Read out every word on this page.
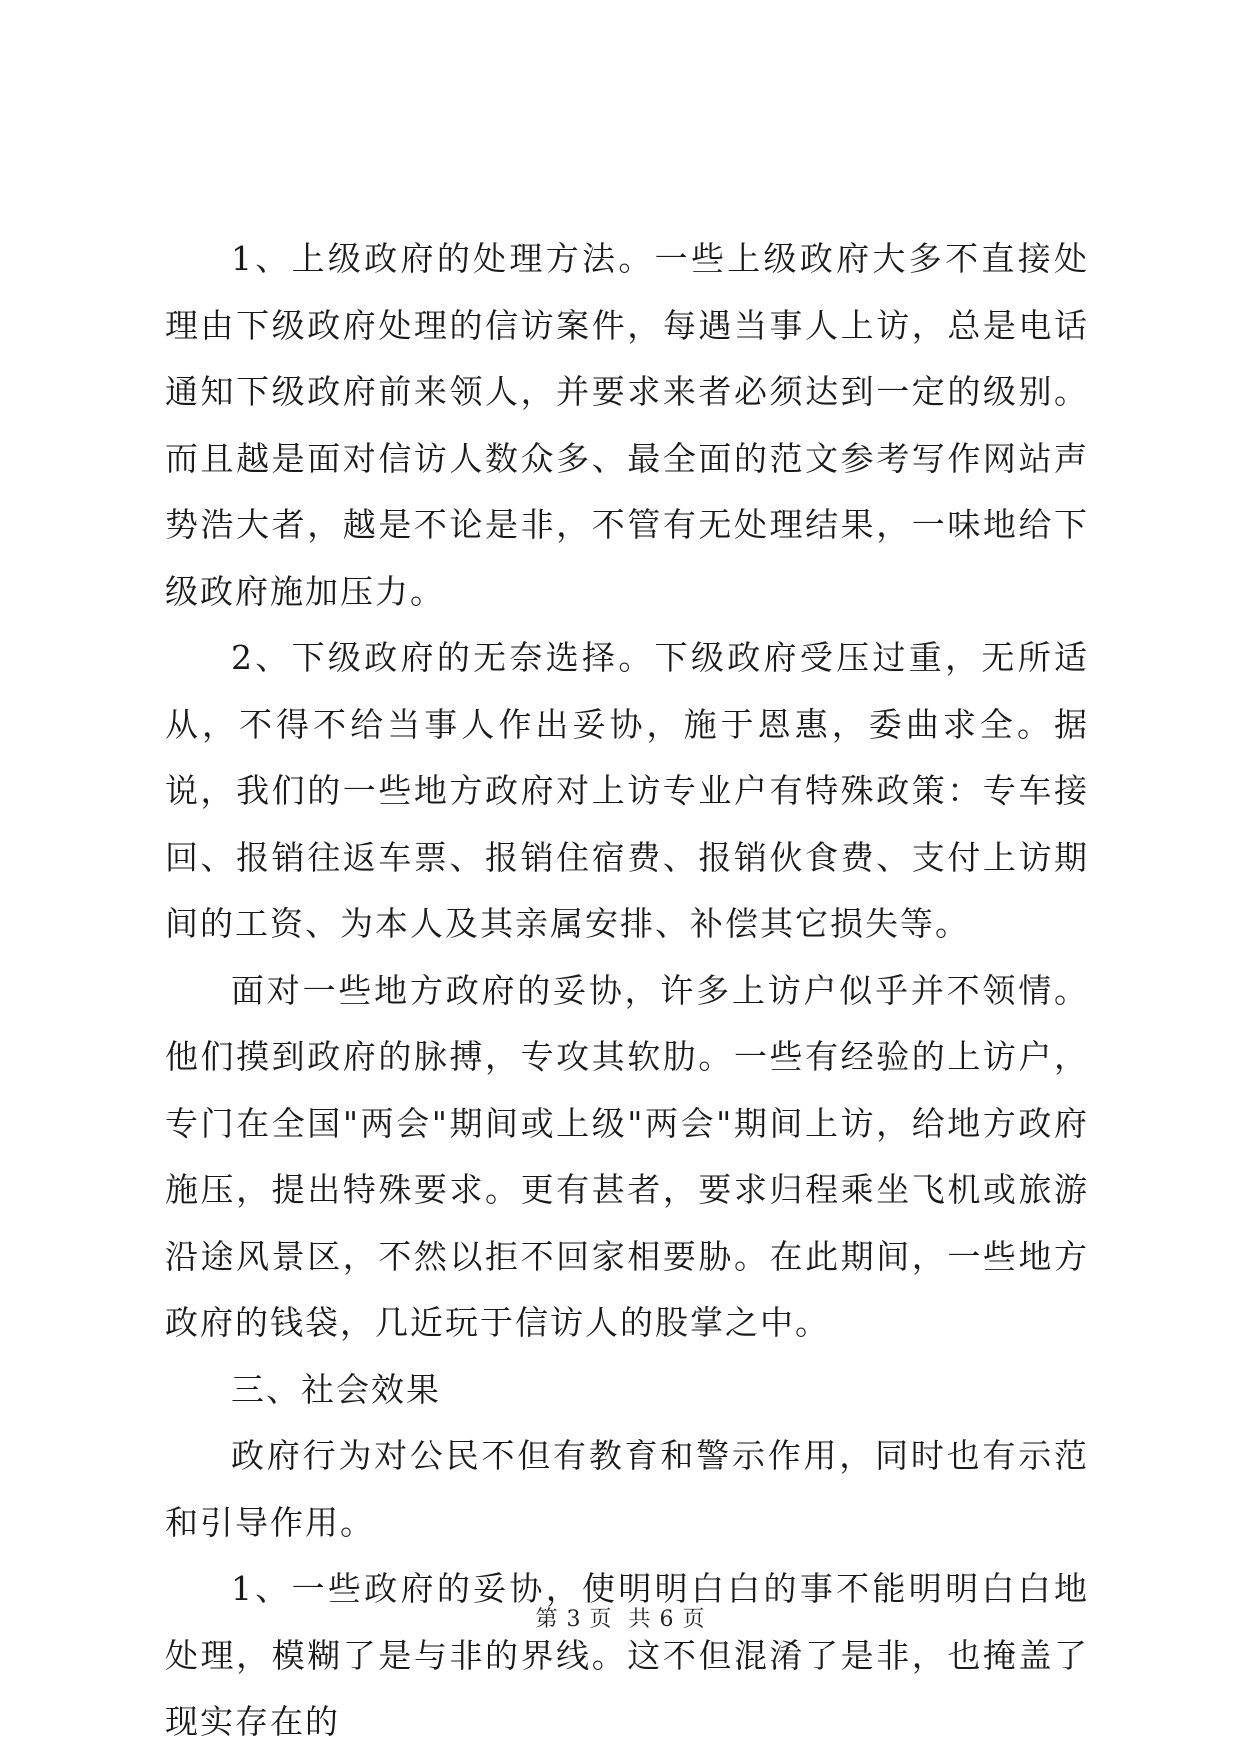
1、上级政府的处理方法。一些上级政府大多不直接处理由下级政府处理的信访案件，每遇当事人上访，总是电话通知下级政府前来领人，并要求来者必须达到一定的级别。而且越是面对信访人数众多、最全面的范文参考写作网站声势浩大者，越是不论是非，不管有无处理结果，一味地给下级政府施加压力。

2、下级政府的无奈选择。下级政府受压过重，无所适从，不得不给当事人作出妥协，施于恩惠，委曲求全。据说，我们的一些地方政府对上访专业户有特殊政策：专车接回、报销往返车票、报销住宿费、报销伙食费、支付上访期间的工资、为本人及其亲属安排、补偿其它损失等。

面对一些地方政府的妥协，许多上访户似乎并不领情。他们摸到政府的脉搏，专攻其软肋。一些有经验的上访户，专门在全国"两会"期间或上级"两会"期间上访，给地方政府施压，提出特殊要求。更有甚者，要求归程乘坐飞机或旅游沿途风景区，不然以拒不回家相要胁。在此期间，一些地方政府的钱袋，几近玩于信访人的股掌之中。

三、社会效果

政府行为对公民不但有教育和警示作用，同时也有示范和引导作用。

1、一些政府的妥协，使明明白白的事不能明明白白地处理，模糊了是与非的界线。这不但混淆了是非，也掩盖了现实存在的

第 3 页  共 6 页
